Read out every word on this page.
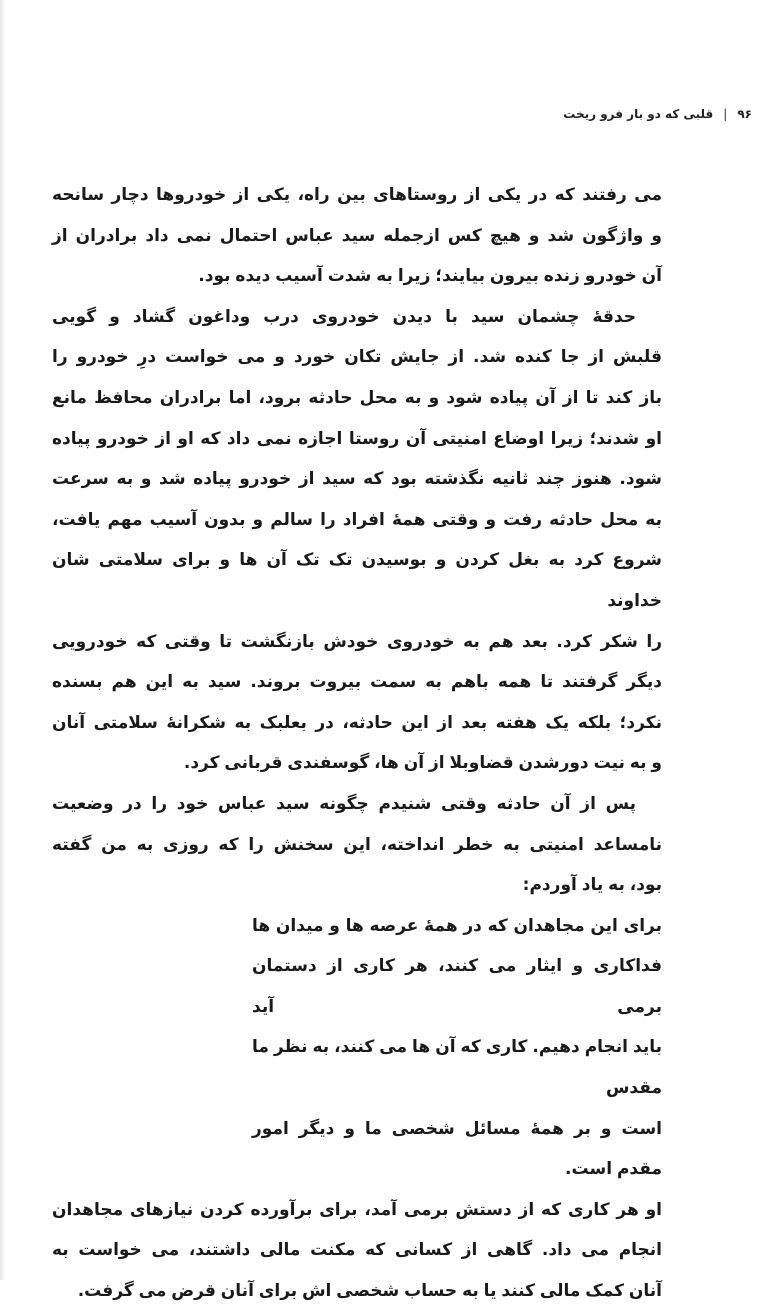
۹۶
|
قلبی که دو بار فرو ریخت
می رفتند که در یکی از روستاهای بین راه، یکی از خودروها دچار سانحه
و واژگون شد و هیچ کس ازجمله سید عباس احتمال نمی داد برادران از
آن خودرو زنده بیرون بیایند؛ زیرا به شدت آسیب دیده بود.
حدقهٔ چشمان سید با دیدن خودروی درب وداغون گشاد و گویی
قلبش از جا کنده شد. از جایش تکان خورد و می خواست درِ خودرو را
باز کند تا از آن پیاده شود و به محل حادثه برود، اما برادران محافظ مانع
او شدند؛ زیرا اوضاع امنیتی آن روستا اجازه نمی داد که او از خودرو پیاده
شود. هنوز چند ثانیه نگذشته بود که سید از خودرو پیاده شد و به سرعت
به محل حادثه رفت و وقتی همهٔ افراد را سالم و بدون آسیب مهم یافت،
شروع کرد به بغل کردن و بوسیدن تک تک آن ها و برای سلامتی شان خداوند
را شکر کرد. بعد هم به خودروی خودش بازنگشت تا وقتی که خودرویی
دیگر گرفتند تا همه باهم به سمت بیروت بروند. سید به این هم بسنده
نکرد؛ بلکه یک هفته بعد از این حادثه، در بعلبک به شکرانهٔ سلامتی آنان
و به نیت دورشدن قضاوبلا از آن ها، گوسفندی قربانی کرد.
پس از آن حادثه وقتی شنیدم چگونه سید عباس خود را در وضعیت
نامساعد امنیتی به خطر انداخته، این سخنش را که روزی به من گفته
بود، به یاد آوردم:
برای این مجاهدان که در همهٔ عرصه ها و میدان ها
فداکاری و ایثار می کنند، هر کاری از دستمان برمی آید
باید انجام دهیم. کاری که آن ها می کنند، به نظر ما مقدس
است و بر همهٔ مسائل شخصی ما و دیگر امور مقدم است.
او هر کاری که از دستش برمی آمد، برای برآورده کردن نیازهای مجاهدان
انجام می داد. گاهی از کسانی که مکنت مالی داشتند، می خواست به
آنان کمک مالی کنند یا به حساب شخصی اش برای آنان قرض می گرفت.
